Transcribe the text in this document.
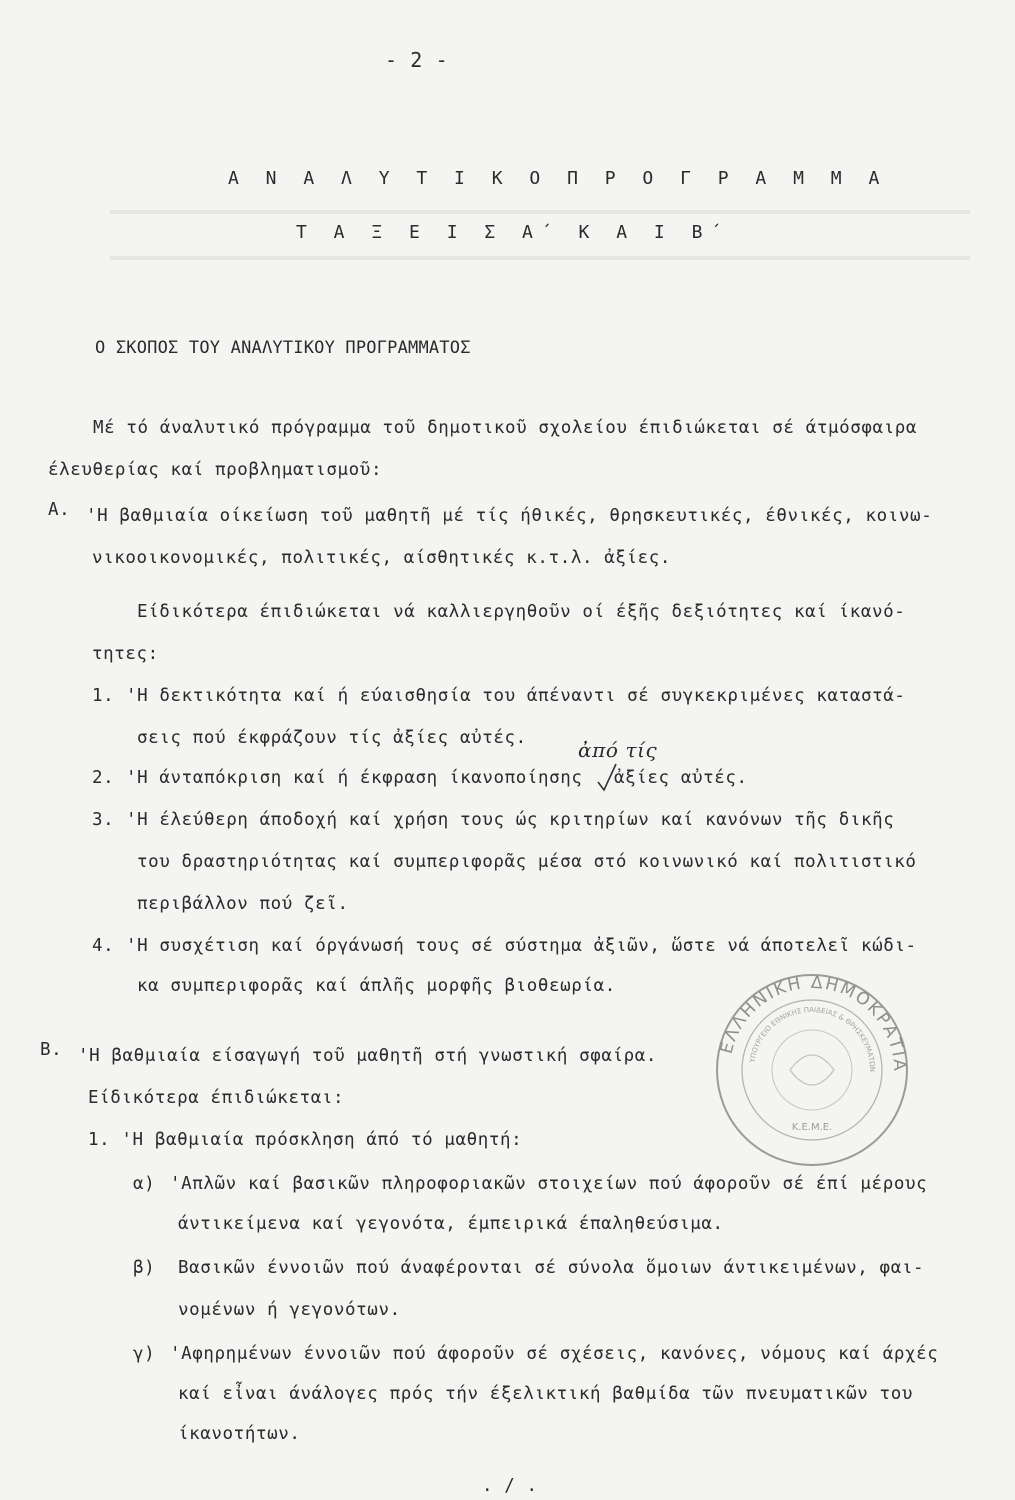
- 2 -
Α Ν Α Λ Υ Τ Ι Κ Ο Π Ρ Ο Γ Ρ Α Μ Μ Α
Τ Α Ξ Ε Ι Σ Α΄ Κ Α Ι Β΄
Ο ΣΚΟΠΟΣ ΤΟΥ ΑΝΑΛΥΤΙΚΟΥ ΠΡΟΓΡΑΜΜΑΤΟΣ
Μέ τό άναλυτικό πρόγραμμα τοῦ δημοτικοῦ σχολείου έπιδιώκεται σέ άτμόσφαιρα
έλευθερίας καί προβληματισμοῦ:
Α. 'Η βαθμιαία οίκείωση τοῦ μαθητῆ μέ τίς ήθικές, θρησκευτικές, έθνικές, κοινω-
νικοοικονομικές, πολιτικές, αίσθητικές κ.τ.λ. ἀξίες.
Είδικότερα έπιδιώκεται νά καλλιεργηθοῦν οί έξῆς δεξιότητες καί ίκανό-
τητες:
1. 'Η δεκτικότητα καί ή εύαισθησία του άπέναντι σέ συγκεκριμένες καταστά-
σεις πού έκφράζουν τίς ἀξίες αὐτές.	ἀπό τίς
2. 'Η άνταπόκριση καί ή έκφραση ίκανοποίησης ἀξίες αὐτές.
3. 'Η έλεύθερη άποδοχή καί χρήση τους ώς κριτηρίων καί κανόνων τῆς δικῆς
του δραστηριότητας καί συμπεριφορᾶς μέσα στό κοινωνικό καί πολιτιστικό
περιβάλλον πού ζεῖ.
4. 'Η συσχέτιση καί όργάνωσή τους σέ σύστημα ἀξιῶν, ὥστε νά άποτελεῖ κώδι-
κα συμπεριφορᾶς καί άπλῆς μορφῆς βιοθεωρία.
Β. 'Η βαθμιαία είσαγωγή τοῦ μαθητῆ στή γνωστική σφαίρα.
Είδικότερα έπιδιώκεται:
1. 'Η βαθμιαία πρόσκληση άπό τό μαθητή:
α) 'Απλῶν καί βασικῶν πληροφοριακῶν στοιχείων πού άφοροῦν σέ έπί μέρους
άντικείμενα καί γεγονότα, έμπειρικά έπαληθεύσιμα.
β) Βασικῶν έννοιῶν πού άναφέρονται σέ σύνολα ὅμοιων άντικειμένων, φαι-
νομένων ή γεγονότων.
γ) 'Αφηρημένων έννοιῶν πού άφοροῦν σέ σχέσεις, κανόνες, νόμους καί άρχές
καί εἶναι άνάλογες πρός τήν έξελικτική βαθμίδα τῶν πνευματικῶν του
ίκανοτήτων.
. / .
ΕΛΛΗΝΙΚΗ ΔΗΜΟΚΡΑΤΙΑ
ΥΠΟΥΡΓΕΙΟ ΕΘΝΙΚΗΣ ΠΑΙΔΕΙΑΣ & ΘΡΗΣΚΕΥΜΑΤΩΝ
Κ.Ε.Μ.Ε.
